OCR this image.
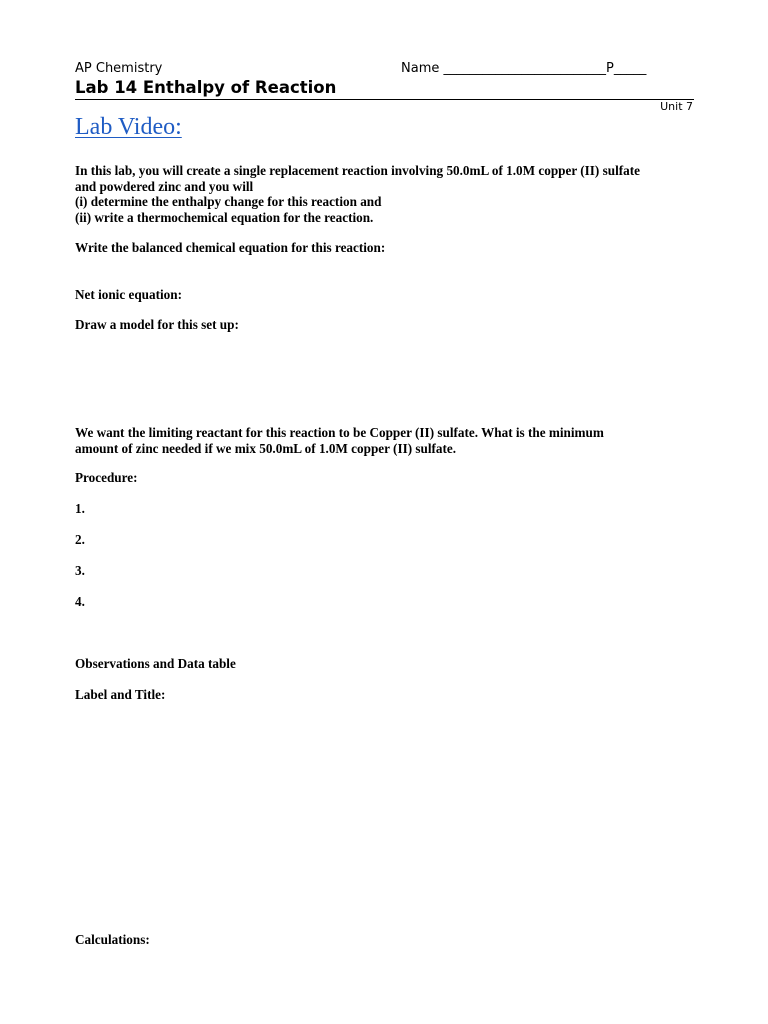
AP Chemistry	Name _________________________P_____
Lab 14 Enthalpy of Reaction
Unit 7
Lab Video:
In this lab, you will create a single replacement reaction involving 50.0mL of 1.0M copper (II) sulfate
and powdered zinc and you will
(i) determine the enthalpy change for this reaction and
(ii) write a thermochemical equation for the reaction.
Write the balanced chemical equation for this reaction:
Net ionic equation:
Draw a model for this set up:
We want the limiting reactant for this reaction to be Copper (II) sulfate. What is the minimum
amount of zinc needed if we mix 50.0mL of 1.0M copper (II) sulfate.
Procedure:
1.
2.
3.
4.
Observations and Data table
Label and Title:
Calculations:
